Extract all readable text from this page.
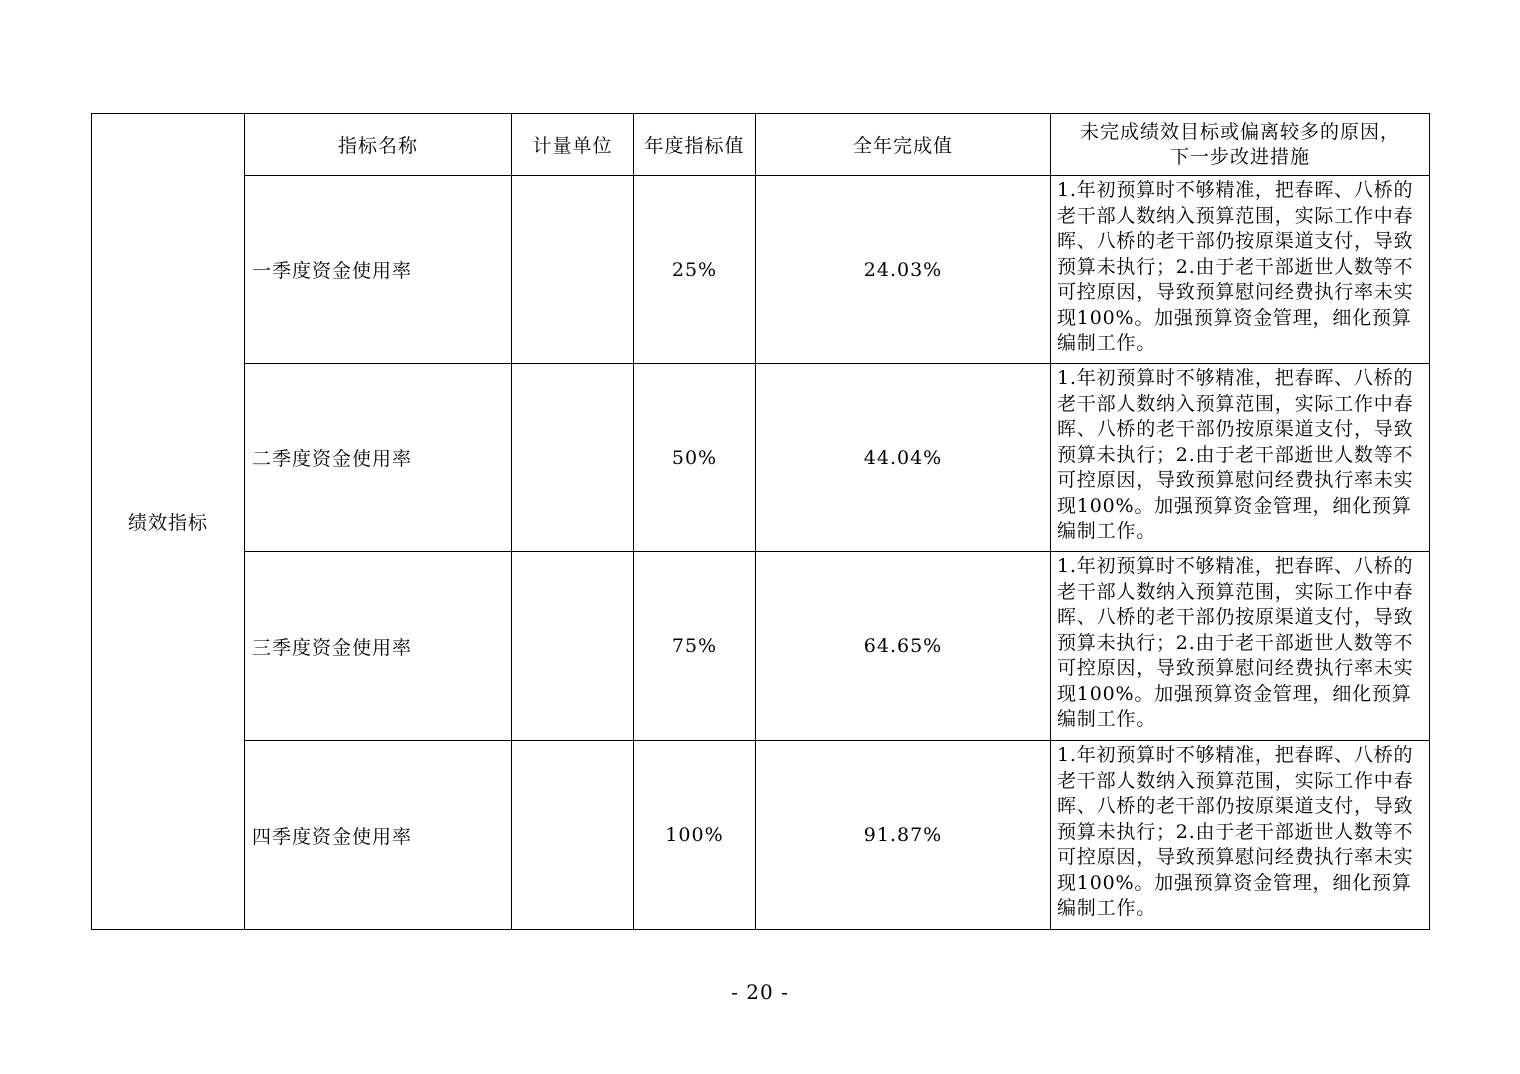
绩效指标	指标名称	计量单位	年度指标值	全年完成值	未完成绩效目标或偏离较多的原因，
下一步改进措施
	一季度资金使用率		25%	24.03%	1.年初预算时不够精准，把春晖、八桥的老干部人数纳入预算范围，实际工作中春晖、八桥的老干部仍按原渠道支付，导致预算未执行；2.由于老干部逝世人数等不可控原因，导致预算慰问经费执行率未实现100%。加强预算资金管理，细化预算编制工作。
	二季度资金使用率		50%	44.04%	1.年初预算时不够精准，把春晖、八桥的老干部人数纳入预算范围，实际工作中春晖、八桥的老干部仍按原渠道支付，导致预算未执行；2.由于老干部逝世人数等不可控原因，导致预算慰问经费执行率未实现100%。加强预算资金管理，细化预算编制工作。
	三季度资金使用率		75%	64.65%	1.年初预算时不够精准，把春晖、八桥的老干部人数纳入预算范围，实际工作中春晖、八桥的老干部仍按原渠道支付，导致预算未执行；2.由于老干部逝世人数等不可控原因，导致预算慰问经费执行率未实现100%。加强预算资金管理，细化预算编制工作。
	四季度资金使用率		100%	91.87%	1.年初预算时不够精准，把春晖、八桥的老干部人数纳入预算范围，实际工作中春晖、八桥的老干部仍按原渠道支付，导致预算未执行；2.由于老干部逝世人数等不可控原因，导致预算慰问经费执行率未实现100%。加强预算资金管理，细化预算编制工作。
- 20 -
